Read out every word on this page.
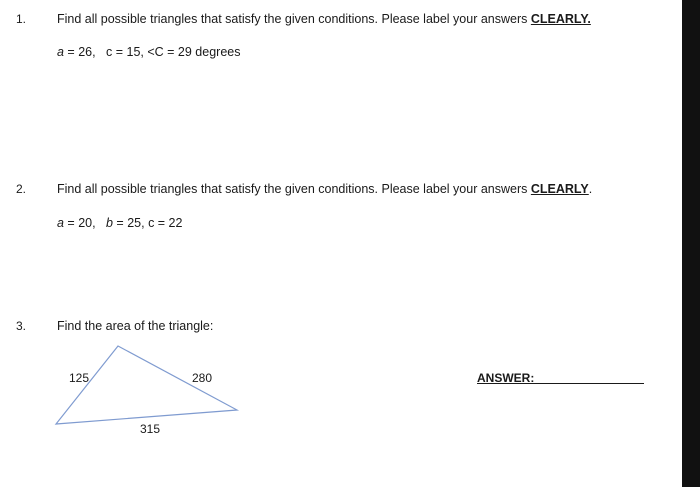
1. Find all possible triangles that satisfy the given conditions. Please label your answers CLEARLY.
a = 26, c = 15, <C = 29 degrees
2. Find all possible triangles that satisfy the given conditions. Please label your answers CLEARLY.
a = 20, b = 25, c = 22
3. Find the area of the triangle:
125	280
315
ANSWER:
